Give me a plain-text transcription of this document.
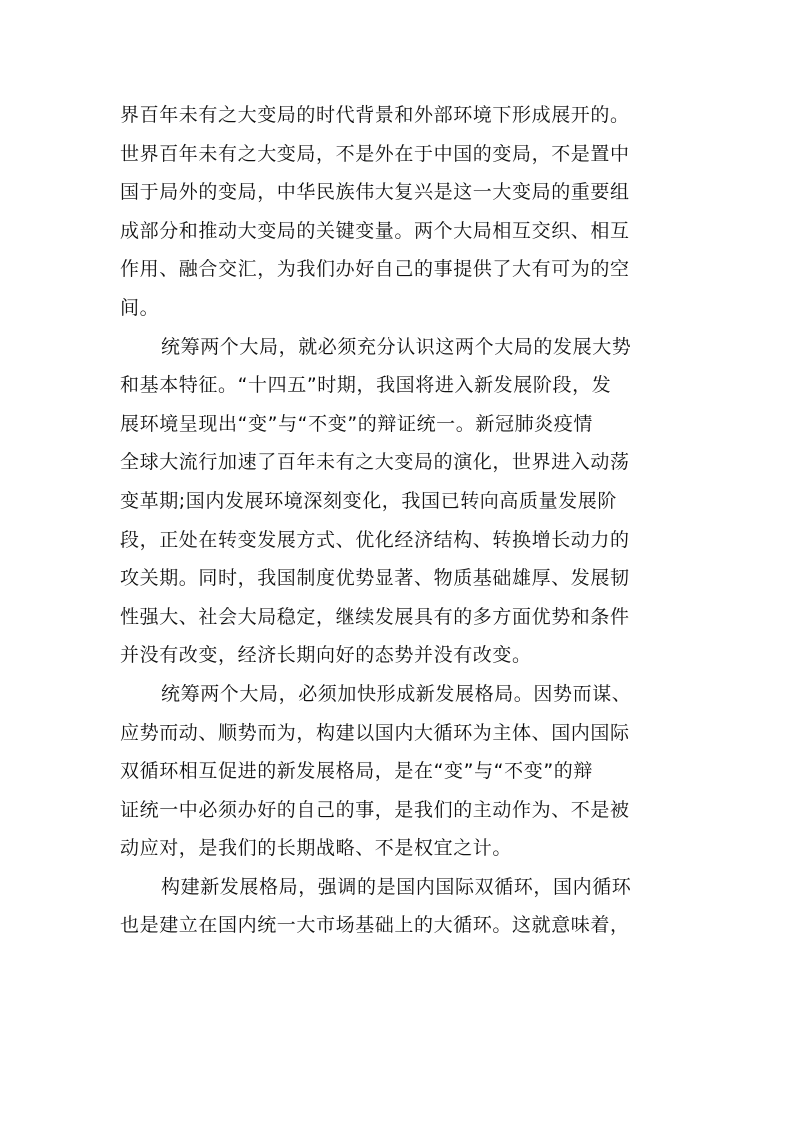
界百年未有之大变局的时代背景和外部环境下形成展开的。
世界百年未有之大变局，不是外在于中国的变局，不是置中
国于局外的变局，中华民族伟大复兴是这一大变局的重要组
成部分和推动大变局的关键变量。两个大局相互交织、相互
作用、融合交汇，为我们办好自己的事提供了大有可为的空
间。
统筹两个大局，就必须充分认识这两个大局的发展大势
和基本特征。“十四五”时期，我国将进入新发展阶段，发
展环境呈现出“变”与“不变”的辩证统一。新冠肺炎疫情
全球大流行加速了百年未有之大变局的演化，世界进入动荡
变革期;国内发展环境深刻变化，我国已转向高质量发展阶
段，正处在转变发展方式、优化经济结构、转换增长动力的
攻关期。同时，我国制度优势显著、物质基础雄厚、发展韧
性强大、社会大局稳定，继续发展具有的多方面优势和条件
并没有改变，经济长期向好的态势并没有改变。
统筹两个大局，必须加快形成新发展格局。因势而谋、
应势而动、顺势而为，构建以国内大循环为主体、国内国际
双循环相互促进的新发展格局，是在“变”与“不变”的辩
证统一中必须办好的自己的事，是我们的主动作为、不是被
动应对，是我们的长期战略、不是权宜之计。
构建新发展格局，强调的是国内国际双循环，国内循环
也是建立在国内统一大市场基础上的大循环。这就意味着，
